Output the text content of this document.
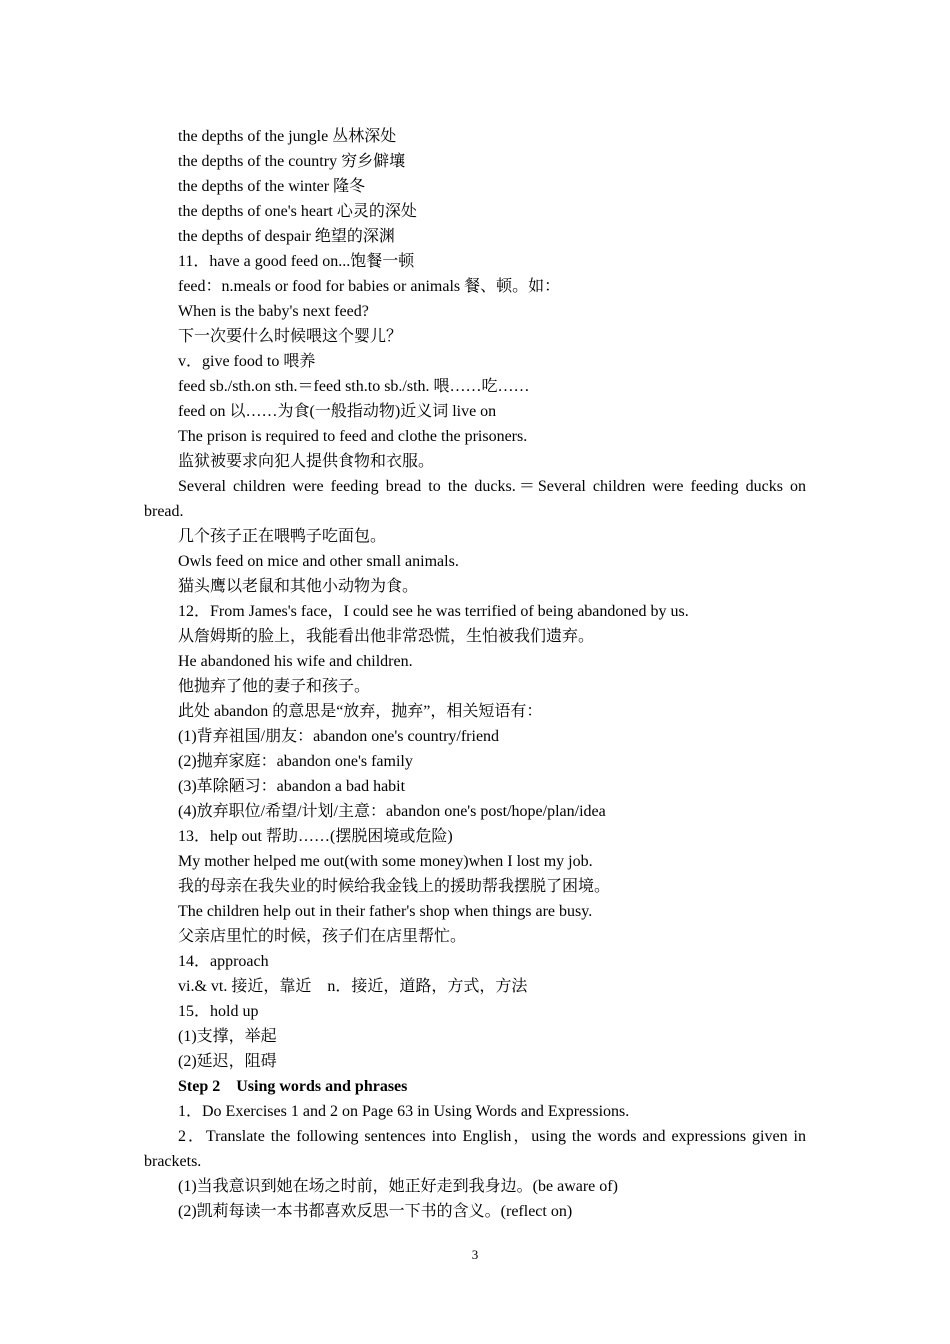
the depths of the jungle 丛林深处
the depths of the country 穷乡僻壤
the depths of the winter 隆冬
the depths of one's heart 心灵的深处
the depths of despair 绝望的深渊
11．have a good feed on...饱餐一顿
feed：n.meals or food for babies or animals 餐、顿。如：
When is the baby's next feed?
下一次要什么时候喂这个婴儿？
v．give food to 喂养
feed sb./sth.on sth.＝feed sth.to sb./sth. 喂……吃……
feed on 以……为食(一般指动物)近义词 live on
The prison is required to feed and clothe the prisoners.
监狱被要求向犯人提供食物和衣服。
Several children were feeding bread to the ducks.＝Several children were feeding ducks on bread.
几个孩子正在喂鸭子吃面包。
Owls feed on mice and other small animals.
猫头鹰以老鼠和其他小动物为食。
12．From James's face，I could see he was terrified of being abandoned by us.
从詹姆斯的脸上，我能看出他非常恐慌，生怕被我们遗弃。
He abandoned his wife and children.
他抛弃了他的妻子和孩子。
此处 abandon 的意思是“放弃，抛弃”，相关短语有：
(1)背弃祖国/朋友：abandon one's country/friend
(2)抛弃家庭：abandon one's family
(3)革除陋习：abandon a bad habit
(4)放弃职位/希望/计划/主意：abandon one's post/hope/plan/idea
13．help out 帮助……(摆脱困境或危险)
My mother helped me out(with some money)when I lost my job.
我的母亲在我失业的时候给我金钱上的援助帮我摆脱了困境。
The children help out in their father's shop when things are busy.
父亲店里忙的时候，孩子们在店里帮忙。
14．approach
vi.& vt. 接近，靠近　n．接近，道路，方式，方法
15．hold up
(1)支撑，举起
(2)延迟，阻碍
Step 2　Using words and phrases
1．Do Exercises 1 and 2 on Page 63 in Using Words and Expressions.
2．Translate the following sentences into English，using the words and expressions given in brackets.
(1)当我意识到她在场之时前，她正好走到我身边。(be aware of)
(2)凯莉每读一本书都喜欢反思一下书的含义。(reflect on)
3
